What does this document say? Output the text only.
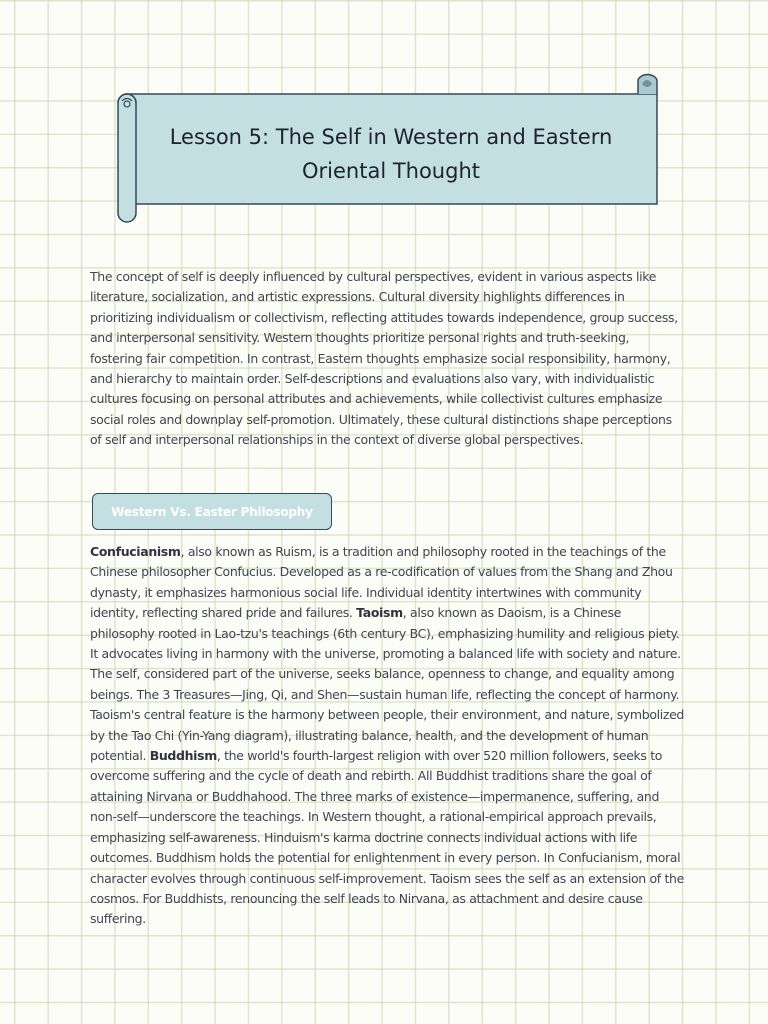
Lesson 5: The Self in Western and Eastern Oriental Thought

The concept of self is deeply influenced by cultural perspectives, evident in various aspects like literature, socialization, and artistic expressions. Cultural diversity highlights differences in prioritizing individualism or collectivism, reflecting attitudes towards independence, group success, and interpersonal sensitivity. Western thoughts prioritize personal rights and truth-seeking, fostering fair competition. In contrast, Eastern thoughts emphasize social responsibility, harmony, and hierarchy to maintain order. Self-descriptions and evaluations also vary, with individualistic cultures focusing on personal attributes and achievements, while collectivist cultures emphasize social roles and downplay self-promotion. Ultimately, these cultural distinctions shape perceptions of self and interpersonal relationships in the context of diverse global perspectives.

Western Vs. Easter Philosophy

Confucianism, also known as Ruism, is a tradition and philosophy rooted in the teachings of the Chinese philosopher Confucius. Developed as a re-codification of values from the Shang and Zhou dynasty, it emphasizes harmonious social life. Individual identity intertwines with community identity, reflecting shared pride and failures. Taoism, also known as Daoism, is a Chinese philosophy rooted in Lao-tzu's teachings (6th century BC), emphasizing humility and religious piety. It advocates living in harmony with the universe, promoting a balanced life with society and nature. The self, considered part of the universe, seeks balance, openness to change, and equality among beings. The 3 Treasures—Jing, Qi, and Shen—sustain human life, reflecting the concept of harmony. Taoism's central feature is the harmony between people, their environment, and nature, symbolized by the Tao Chi (Yin-Yang diagram), illustrating balance, health, and the development of human potential. Buddhism, the world's fourth-largest religion with over 520 million followers, seeks to overcome suffering and the cycle of death and rebirth. All Buddhist traditions share the goal of attaining Nirvana or Buddhahood. The three marks of existence—impermanence, suffering, and non-self—underscore the teachings. In Western thought, a rational-empirical approach prevails, emphasizing self-awareness. Hinduism's karma doctrine connects individual actions with life outcomes. Buddhism holds the potential for enlightenment in every person. In Confucianism, moral character evolves through continuous self-improvement. Taoism sees the self as an extension of the cosmos. For Buddhists, renouncing the self leads to Nirvana, as attachment and desire cause suffering.
